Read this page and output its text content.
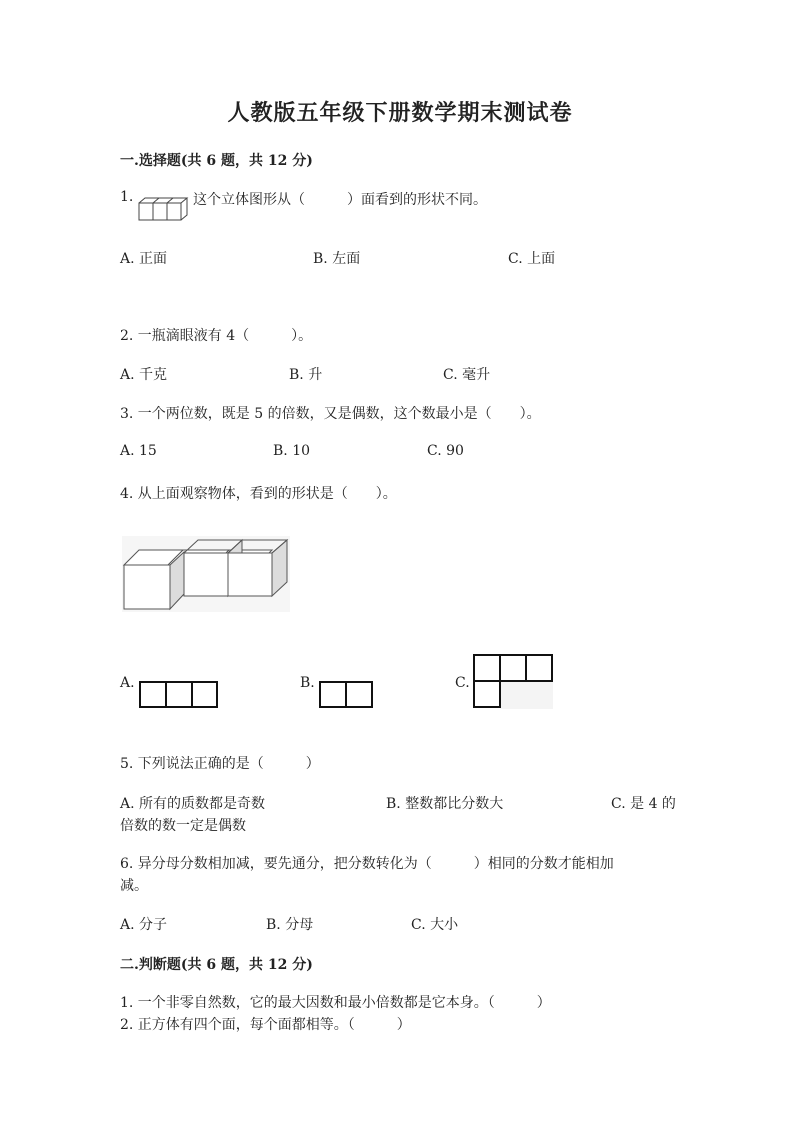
人教版五年级下册数学期末测试卷
一.选择题(共 6 题，共 12 分)
1.	这个立体图形从（　　　）面看到的形状不同。
A. 正面	B. 左面	C. 上面
2. 一瓶滴眼液有 4（　　　）。
A. 千克	B. 升	C. 毫升
3. 一个两位数，既是 5 的倍数，又是偶数，这个数最小是（　　）。
A. 15	B. 10	C. 90
4. 从上面观察物体，看到的形状是（　　）。
A.	B.	C.
5. 下列说法正确的是（　　　）
A. 所有的质数都是奇数	B. 整数都比分数大	C. 是 4 的
倍数的数一定是偶数
6. 异分母分数相加减，要先通分，把分数转化为（　　　）相同的分数才能相加
减。
A. 分子	B. 分母	C. 大小
二.判断题(共 6 题，共 12 分)
1. 一个非零自然数，它的最大因数和最小倍数都是它本身。（　　　）
2. 正方体有四个面，每个面都相等。（　　　）
